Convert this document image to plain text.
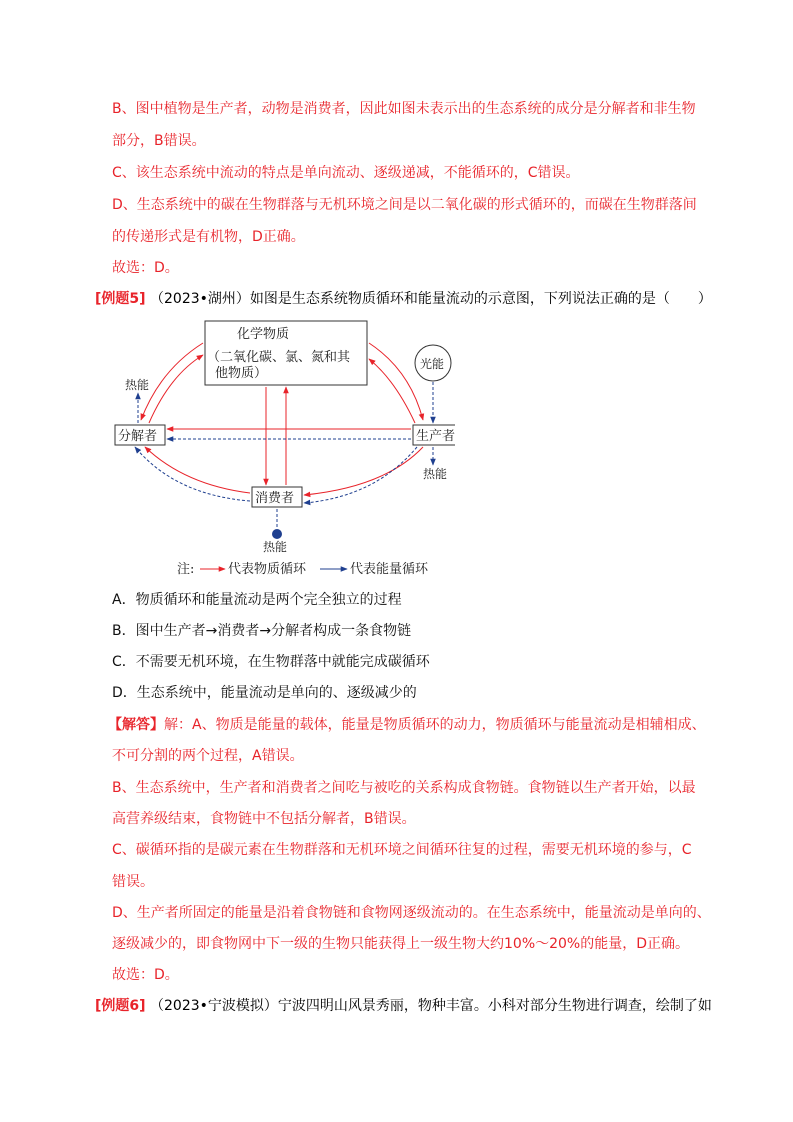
B、图中植物是生产者，动物是消费者，因此如图未表示出的生态系统的成分是分解者和非生物
部分，B错误。
C、该生态系统中流动的特点是单向流动、逐级递减，不能循环的，C错误。
D、生态系统中的碳在生物群落与无机环境之间是以二氧化碳的形式循环的，而碳在生物群落间
的传递形式是有机物，D正确。
故选：D。
[例题5] （2023•湖州）如图是生态系统物质循环和能量流动的示意图，下列说法正确的是（　　）
化学物质
（二氧化碳、氯、氮和其
他物质）
光能
分解者	生产者
消费者
热能
热能
热能
注:	代表物质循环	代表能量循环
A．物质循环和能量流动是两个完全独立的过程
B．图中生产者→消费者→分解者构成一条食物链
C．不需要无机环境，在生物群落中就能完成碳循环
D．生态系统中，能量流动是单向的、逐级减少的
【解答】解：A、物质是能量的载体，能量是物质循环的动力，物质循环与能量流动是相辅相成、
不可分割的两个过程，A错误。
B、生态系统中，生产者和消费者之间吃与被吃的关系构成食物链。食物链以生产者开始，以最
高营养级结束，食物链中不包括分解者，B错误。
C、碳循环指的是碳元素在生物群落和无机环境之间循环往复的过程，需要无机环境的参与，C
错误。
D、生产者所固定的能量是沿着食物链和食物网逐级流动的。在生态系统中，能量流动是单向的、
逐级减少的，即食物网中下一级的生物只能获得上一级生物大约10%～20%的能量，D正确。
故选：D。
[例题6] （2023•宁波模拟）宁波四明山风景秀丽，物种丰富。小科对部分生物进行调查，绘制了如
